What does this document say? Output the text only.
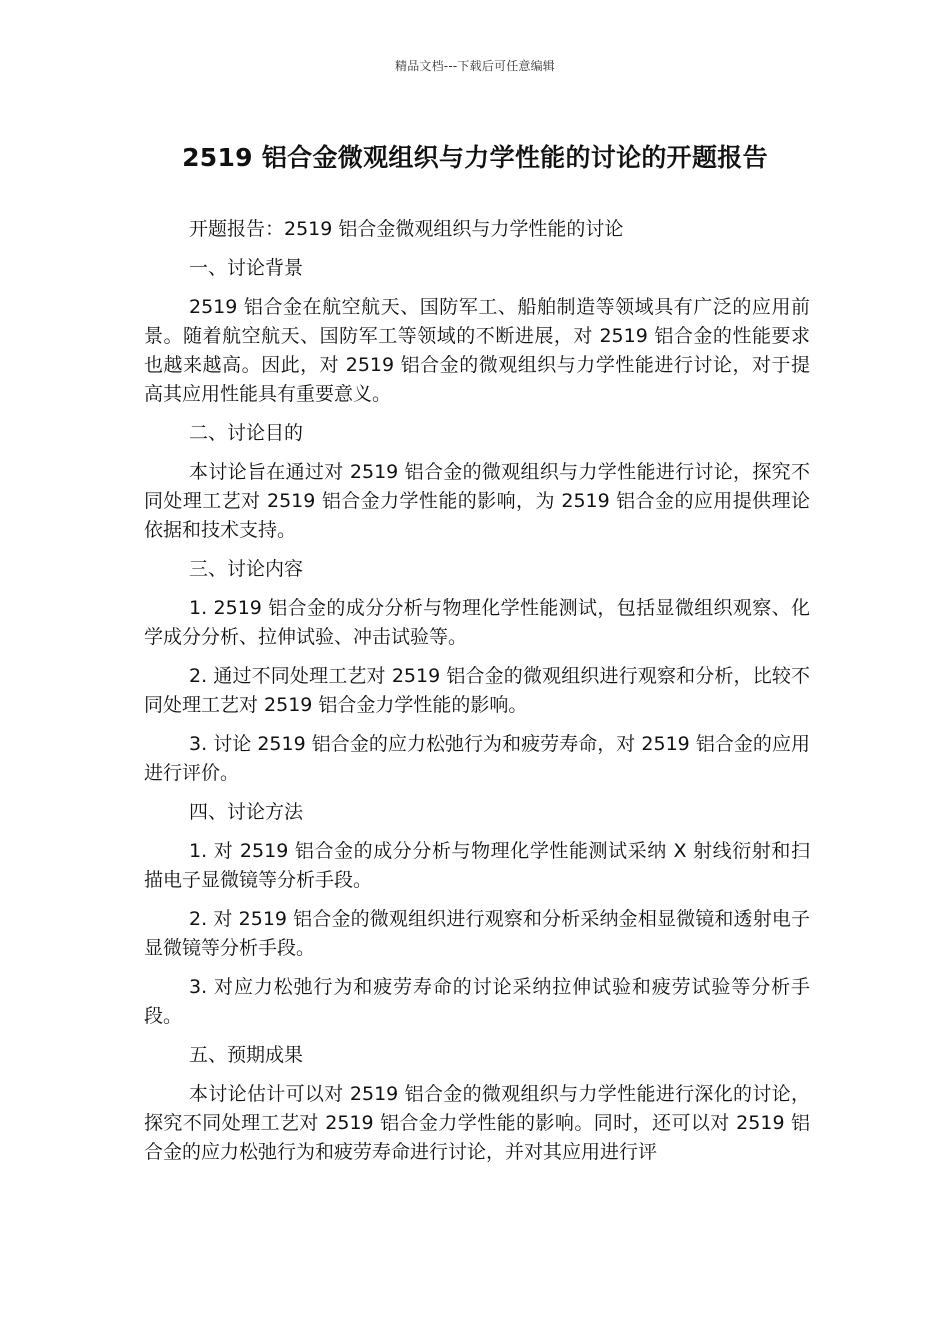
精品文档---下载后可任意编辑
2519 铝合金微观组织与力学性能的讨论的开题报告

开题报告：2519 铝合金微观组织与力学性能的讨论

一、讨论背景

2519 铝合金在航空航天、国防军工、船舶制造等领域具有广泛的应用前景。随着航空航天、国防军工等领域的不断进展，对 2519 铝合金的性能要求也越来越高。因此，对 2519 铝合金的微观组织与力学性能进行讨论，对于提高其应用性能具有重要意义。

二、讨论目的

本讨论旨在通过对 2519 铝合金的微观组织与力学性能进行讨论，探究不同处理工艺对 2519 铝合金力学性能的影响，为 2519 铝合金的应用提供理论依据和技术支持。

三、讨论内容

1. 2519 铝合金的成分分析与物理化学性能测试，包括显微组织观察、化学成分分析、拉伸试验、冲击试验等。

2. 通过不同处理工艺对 2519 铝合金的微观组织进行观察和分析，比较不同处理工艺对 2519 铝合金力学性能的影响。

3. 讨论 2519 铝合金的应力松弛行为和疲劳寿命，对 2519 铝合金的应用进行评价。

四、讨论方法

1. 对 2519 铝合金的成分分析与物理化学性能测试采纳 X 射线衍射和扫描电子显微镜等分析手段。

2. 对 2519 铝合金的微观组织进行观察和分析采纳金相显微镜和透射电子显微镜等分析手段。

3. 对应力松弛行为和疲劳寿命的讨论采纳拉伸试验和疲劳试验等分析手段。

五、预期成果

本讨论估计可以对 2519 铝合金的微观组织与力学性能进行深化的讨论，探究不同处理工艺对 2519 铝合金力学性能的影响。同时，还可以对 2519 铝合金的应力松弛行为和疲劳寿命进行讨论，并对其应用进行评
